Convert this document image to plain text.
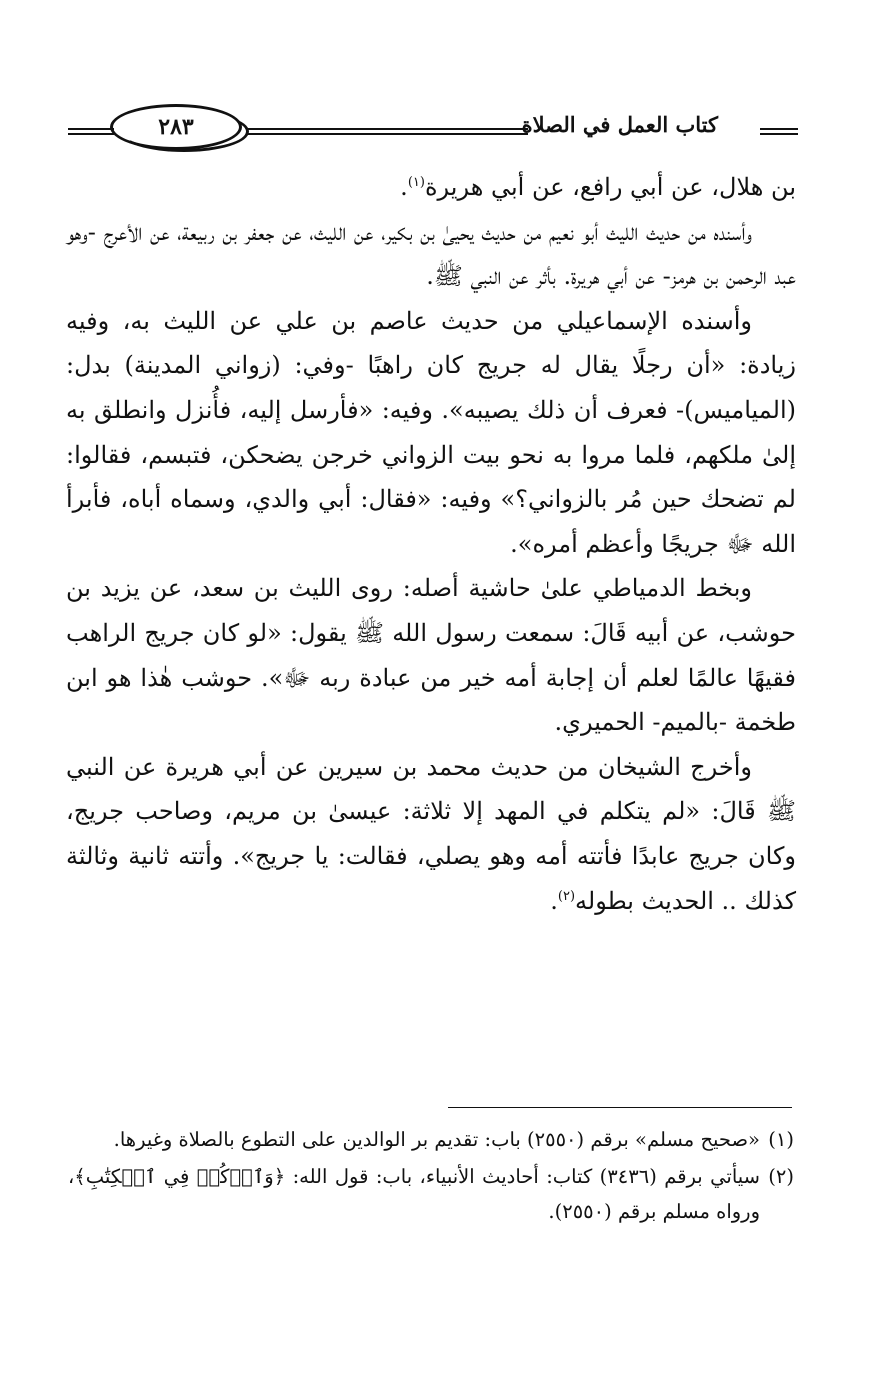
كتاب العمل في الصلاة
٢٨٣

بن هلال، عن أبي رافع، عن أبي هريرة$^{(١)}$.

وأسنده من حديث الليث أبو نعيم من حديث يحيىٰ بن بكير، عن الليث، عن جعفر بن ربيعة، عن الأعرج -وهو عبد الرحمن بن هرمز- عن أبي هريرة. بأثر عن النبي ﷺ.

وأسنده الإسماعيلي من حديث عاصم بن علي عن الليث به، وفيه زيادة: «أن رجلًا يقال له جريج كان راهبًا -وفي: (زواني المدينة) بدل: (المياميس)- فعرف أن ذلك يصيبه». وفيه: «فأرسل إليه، فأُنزل وانطلق به إلىٰ ملكهم، فلما مروا به نحو بيت الزواني خرجن يضحكن، فتبسم، فقالوا: لم تضحك حين مُر بالزواني؟» وفيه: «فقال: أبي والدي، وسماه أباه، فأبرأ الله ﷻ جريجًا وأعظم أمره».

وبخط الدمياطي علىٰ حاشية أصله: روى الليث بن سعد، عن يزيد بن حوشب، عن أبيه قَالَ: سمعت رسول الله ﷺ يقول: «لو كان جريج الراهب فقيهًا عالمًا لعلم أن إجابة أمه خير من عبادة ربه ﷻ». حوشب هٰذا هو ابن طخمة -بالميم- الحميري.

وأخرج الشيخان من حديث محمد بن سيرين عن أبي هريرة عن النبي ﷺ قَالَ: «لم يتكلم في المهد إلا ثلاثة: عيسىٰ بن مريم، وصاحب جريج، وكان جريج عابدًا فأتته أمه وهو يصلي، فقالت: يا جريج». وأتته ثانية وثالثة كذلك .. الحديث بطوله$^{(٢)}$.

(١)
«صحيح مسلم» برقم (٢٥٥٠) باب: تقديم بر الوالدين على التطوع بالصلاة وغيرها.

(٢)
سيأتي برقم (٣٤٣٦) كتاب: أحاديث الأنبياء، باب: قول الله: ﴿وَٱذۡكُرۡ فِي ٱلۡكِتَٰبِ﴾، ورواه مسلم برقم (٢٥٥٠).
